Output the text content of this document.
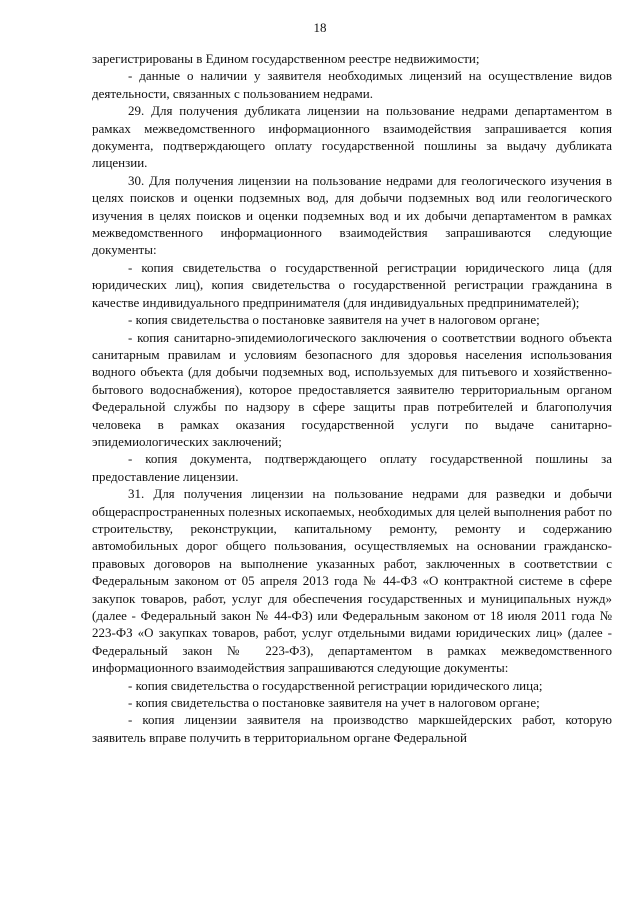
18

зарегистрированы в Едином государственном реестре недвижимости;

- данные о наличии у заявителя необходимых лицензий на осуществление видов деятельности, связанных с пользованием недрами.

29. Для получения дубликата лицензии на пользование недрами департаментом в рамках межведомственного информационного взаимодействия запрашивается копия документа, подтверждающего оплату государственной пошлины за выдачу дубликата лицензии.

30. Для получения лицензии на пользование недрами для геологического изучения в целях поисков и оценки подземных вод, для добычи подземных вод или геологического изучения в целях поисков и оценки подземных вод и их добычи департаментом в рамках межведомственного информационного взаимодействия запрашиваются следующие документы:

- копия свидетельства о государственной регистрации юридического лица (для юридических лиц), копия свидетельства о государственной регистрации гражданина в качестве индивидуального предпринимателя (для индивидуальных предпринимателей);

- копия свидетельства о постановке заявителя на учет в налоговом органе;

- копия санитарно-эпидемиологического заключения о соответствии водного объекта санитарным правилам и условиям безопасного для здоровья населения использования водного объекта (для добычи подземных вод, используемых для питьевого и хозяйственно-бытового водоснабжения), которое предоставляется заявителю территориальным органом Федеральной службы по надзору в сфере защиты прав потребителей и благополучия человека в рамках оказания государственной услуги по выдаче санитарно-эпидемиологических заключений;

- копия документа, подтверждающего оплату государственной пошлины за предоставление лицензии.

31. Для получения лицензии на пользование недрами для разведки и добычи общераспространенных полезных ископаемых, необходимых для целей выполнения работ по строительству, реконструкции, капитальному ремонту, ремонту и содержанию автомобильных дорог общего пользования, осуществляемых на основании гражданско-правовых договоров на выполнение указанных работ, заключенных в соответствии с Федеральным законом от 05 апреля 2013 года № 44-ФЗ «О контрактной системе в сфере закупок товаров, работ, услуг для обеспечения государственных и муниципальных нужд» (далее - Федеральный закон № 44-ФЗ) или Федеральным законом от 18 июля 2011 года № 223-ФЗ «О закупках товаров, работ, услуг отдельными видами юридических лиц» (далее - Федеральный закон № 223-ФЗ), департаментом в рамках межведомственного информационного взаимодействия запрашиваются следующие документы:

- копия свидетельства о государственной регистрации юридического лица;

- копия свидетельства о постановке заявителя на учет в налоговом органе;

- копия лицензии заявителя на производство маркшейдерских работ, которую заявитель вправе получить в территориальном органе Федеральной
